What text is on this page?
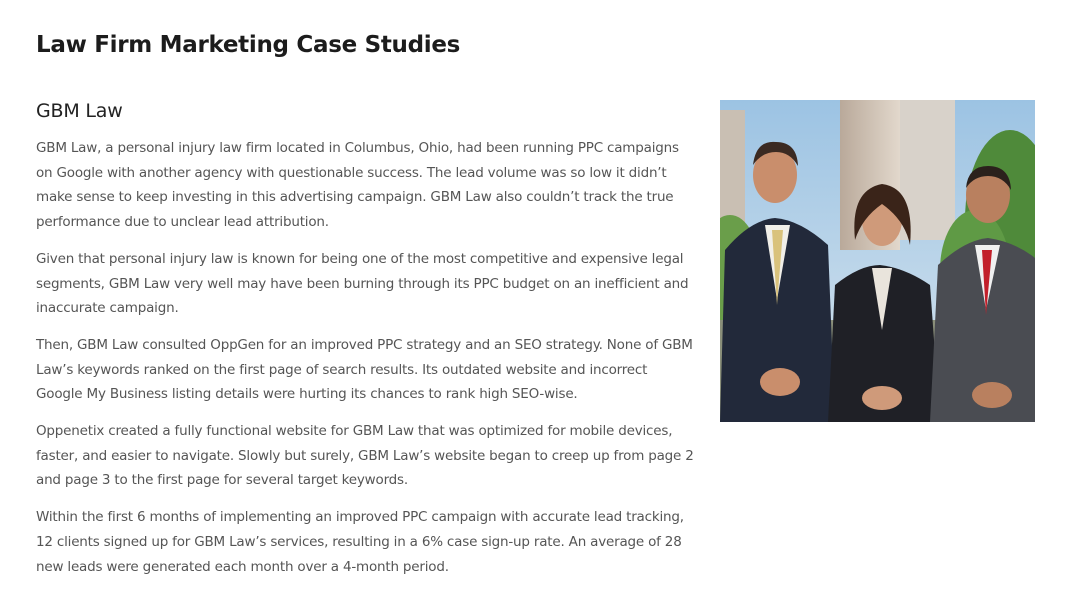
Law Firm Marketing Case Studies
GBM Law

GBM Law, a personal injury law firm located in Columbus, Ohio, had been running PPC campaigns on Google with another agency with questionable success. The lead volume was so low it didn’t make sense to keep investing in this advertising campaign. GBM Law also couldn’t track the true performance due to unclear lead attribution.

Given that personal injury law is known for being one of the most competitive and expensive legal segments, GBM Law very well may have been burning through its PPC budget on an inefficient and inaccurate campaign.

Then, GBM Law consulted OppGen for an improved PPC strategy and an SEO strategy. None of GBM Law’s keywords ranked on the first page of search results. Its outdated website and incorrect Google My Business listing details were hurting its chances to rank high SEO-wise.

Oppenetix created a fully functional website for GBM Law that was optimized for mobile devices, faster, and easier to navigate. Slowly but surely, GBM Law’s website began to creep up from page 2 and page 3 to the first page for several target keywords.

Within the first 6 months of implementing an improved PPC campaign with accurate lead tracking, 12 clients signed up for GBM Law’s services, resulting in a 6% case sign-up rate. An average of 28 new leads were generated each month over a 4-month period.
